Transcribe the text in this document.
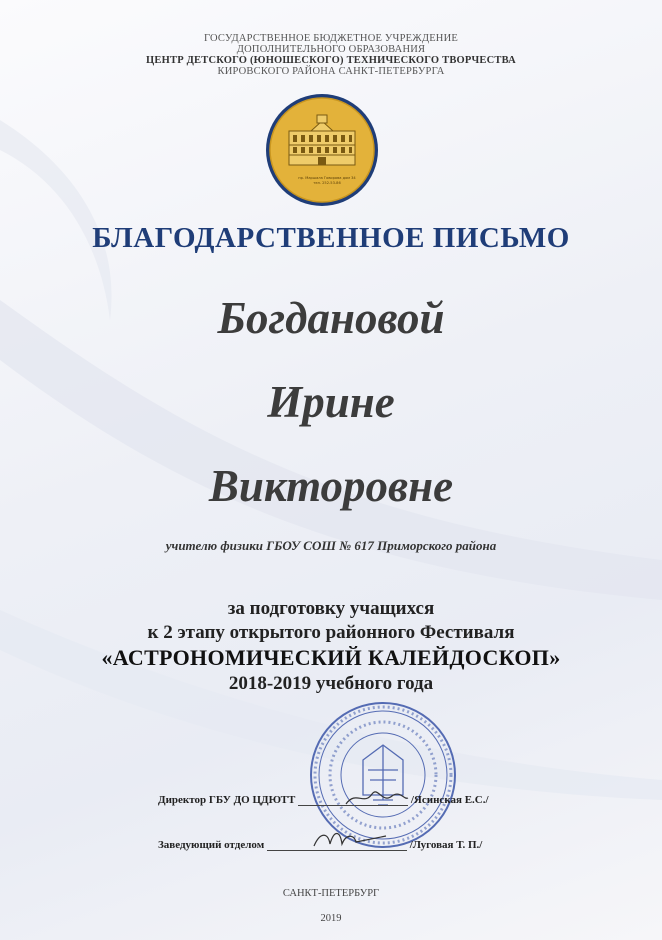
ГОСУДАРСТВЕННОЕ БЮДЖЕТНОЕ УЧРЕЖДЕНИЕ

ДОПОЛНИТЕЛЬНОГО ОБРАЗОВАНИЯ

ЦЕНТР ДЕТСКОГО (ЮНОШЕСКОГО) ТЕХНИЧЕСКОГО ТВОРЧЕСТВА

КИРОВСКОГО РАЙОНА САНКТ-ПЕТЕРБУРГА

пр. Маршала Говорова дом 34
тел. 252-53-86
БЛАГОДАРСТВЕННОЕ ПИСЬМО

Богдановой

Ирине

Викторовне

учителю физики ГБОУ СОШ № 617 Приморского района

за подготовку учащихся

к 2 этапу открытого районного Фестиваля

«АСТРОНОМИЧЕСКИЙ КАЛЕЙДОСКОП»

2018-2019 учебного года

Директор ГБУ ДО ЦДЮТТ	/Ясинская Е.С./
Заведующий отделом	/Луговая Т. П./

САНКТ-ПЕТЕРБУРГ

2019
